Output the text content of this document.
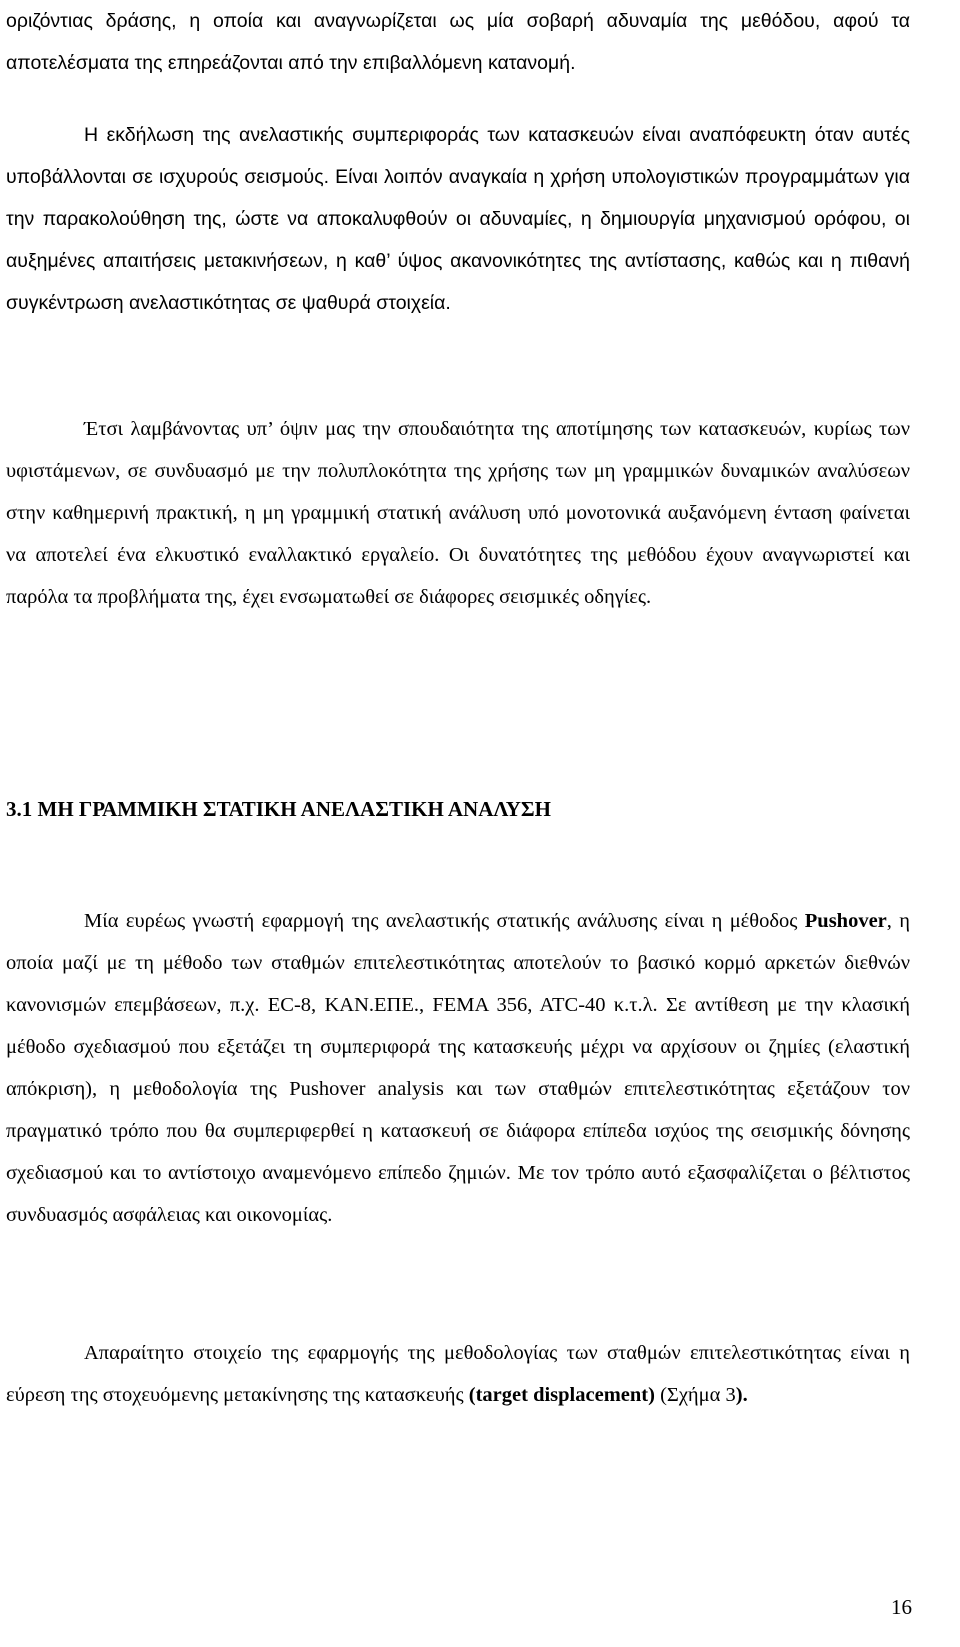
οριζόντιας δράσης, η οποία και αναγνωρίζεται ως μία σοβαρή αδυναμία της μεθόδου, αφού τα αποτελέσματα της επηρεάζονται από την επιβαλλόμενη κατανομή.

Η εκδήλωση της ανελαστικής συμπεριφοράς των κατασκευών είναι αναπόφευκτη όταν αυτές υποβάλλονται σε ισχυρούς σεισμούς. Είναι λοιπόν αναγκαία η χρήση υπολογιστικών προγραμμάτων για την παρακολούθηση της, ώστε να αποκαλυφθούν οι αδυναμίες, η δημιουργία μηχανισμού ορόφου, οι αυξημένες απαιτήσεις μετακινήσεων, η καθ’ ύψος ακανονικότητες της αντίστασης, καθώς και η πιθανή συγκέντρωση ανελαστικότητας σε ψαθυρά στοιχεία.

Έτσι λαμβάνοντας υπ’ όψιν μας την σπουδαιότητα της αποτίμησης των κατασκευών, κυρίως των υφιστάμενων, σε συνδυασμό με την πολυπλοκότητα της χρήσης των μη γραμμικών δυναμικών αναλύσεων στην καθημερινή πρακτική, η μη γραμμική στατική ανάλυση υπό μονοτονικά αυξανόμενη ένταση φαίνεται να αποτελεί ένα ελκυστικό εναλλακτικό εργαλείο. Οι δυνατότητες της μεθόδου έχουν αναγνωριστεί και παρόλα τα προβλήματα της, έχει ενσωματωθεί σε διάφορες σεισμικές οδηγίες.

3.1 ΜΗ ΓΡΑΜΜΙΚΗ ΣΤΑΤΙΚΗ ΑΝΕΛΑΣΤΙΚΗ ΑΝΑΛΥΣΗ

Μία ευρέως γνωστή εφαρμογή της ανελαστικής στατικής ανάλυσης είναι η μέθοδος Pushover, η οποία μαζί με τη μέθοδο των σταθμών επιτελεστικότητας αποτελούν το βασικό κορμό αρκετών διεθνών κανονισμών επεμβάσεων, π.χ. EC-8, ΚΑΝ.ΕΠΕ., FEMA 356, ATC-40 κ.τ.λ. Σε αντίθεση με την κλασική μέθοδο σχεδιασμού που εξετάζει τη συμπεριφορά της κατασκευής μέχρι να αρχίσουν οι ζημίες (ελαστική απόκριση), η μεθοδολογία της Pushover analysis και των σταθμών επιτελεστικότητας εξετάζουν τον πραγματικό τρόπο που θα συμπεριφερθεί η κατασκευή σε διάφορα επίπεδα ισχύος της σεισμικής δόνησης σχεδιασμού και το αντίστοιχο αναμενόμενο επίπεδο ζημιών. Με τον τρόπο αυτό εξασφαλίζεται ο βέλτιστος συνδυασμός ασφάλειας και οικονομίας.

Απαραίτητο στοιχείο της εφαρμογής της μεθοδολογίας των σταθμών επιτελεστικότητας είναι η εύρεση της στοχευόμενης μετακίνησης της κατασκευής (target displacement) (Σχήμα 3).

16
